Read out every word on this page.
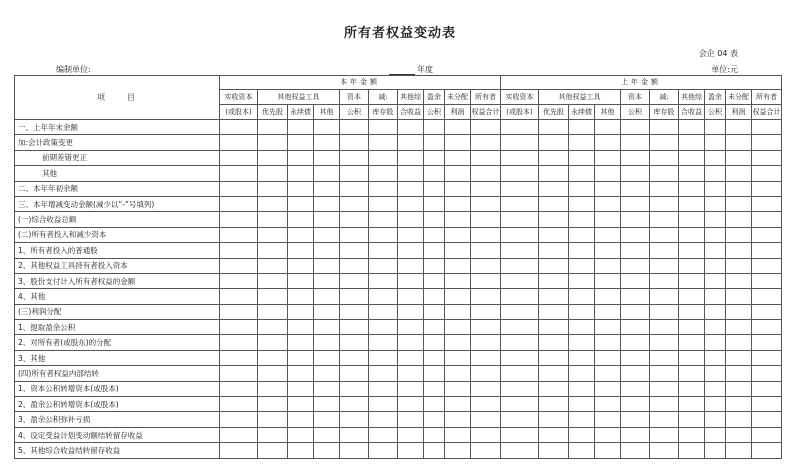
所有者权益变动表
会企 04 表
编制单位:	年度	单位:元
项　　目	本年金额										上年金额									
	实收资本	其他权益工具			资本	减:	其他综	盈余	未分配	所有者	实收资本	其他权益工具			资本	减:	其他综	盈余	未分配	所有者
	(或股本)	优先股	永续债	其他	公积	库存股	合收益	公积	利润	权益合计	(或股本)	优先股	永续债	其他	公积	库存股	合收益	公积	利润	权益合计
一、上年年末余额																				
加:会计政策变更																				
前期差错更正																				
其他																				
二、本年年初余额																				
三、本年增减变动金额(减少以“-”号填列)																				
(一)综合收益总额																				
(二)所有者投入和减少资本																				
1、所有者投入的普通股																				
2、其他权益工具持有者投入资本																				
3、股份支付计入所有者权益的金额																				
4、其他																				
(三)利润分配																				
1、提取盈余公积																				
2、对所有者(或股东)的分配																				
3、其他																				
(四)所有者权益内部结转																				
1、资本公积转增资本(或股本)																				
2、盈余公积转增资本(或股本)																				
3、盈余公积弥补亏损																				
4、设定受益计划变动额结转留存收益																				
5、其他综合收益结转留存收益																				
